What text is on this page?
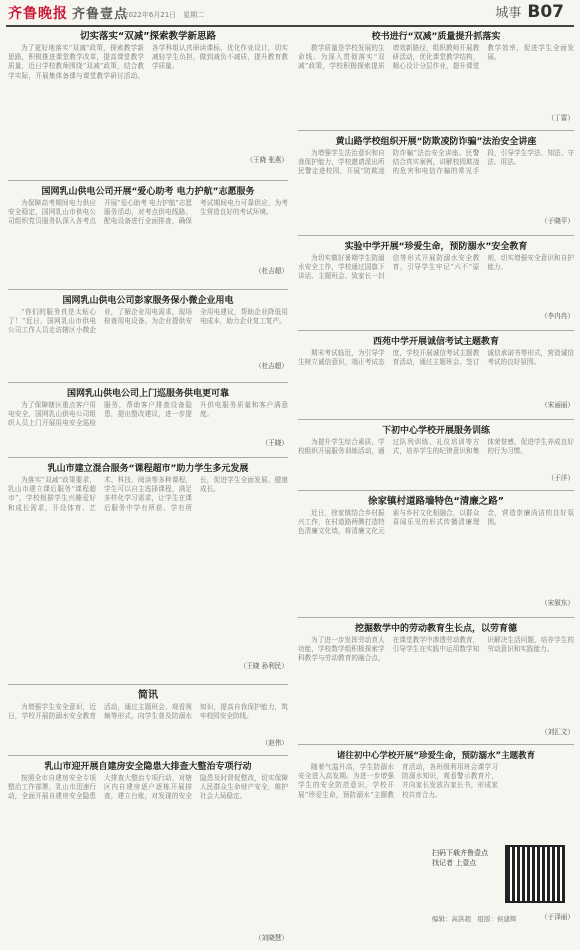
齐鲁晚报 齐鲁壹点
2022年6月21日　星期二	城事 B07
切实落实“双减”探索教学新思路

为了更好地落实“双减”政策，探索教学新思路，积极推进课堂教学改革，提高课堂教学质量，近日学校教师围绕“双减”政策，结合教学实际，开展集体备课与课堂教学研讨活动。各学科组认真研读课标，优化作业设计，切实减轻学生负担，做到减负不减质，提升教育教学质量。

（王晓 张燕）
国网乳山供电公司开展“爱心助考 电力护航”志愿服务

为保障高考期间电力供应安全稳定，国网乳山市供电公司组织党员服务队深入各考点开展“爱心助考 电力护航”志愿服务活动，对考点供电线路、配电设备进行全面排查，确保考试期间电力可靠供应，为考生营造良好的考试环境。

（杜吉超）
国网乳山供电公司彭家服务保小微企业用电

“你们的服务真是太贴心了！”近日，国网乳山市供电公司工作人员走访辖区小微企业，了解企业用电需求，现场检查用电设备，为企业提供安全用电建议，帮助企业降低用电成本，助力企业复工复产。

（杜吉超）
国网乳山供电公司上门巡服务供电更可靠

为了保障辖区重点客户用电安全，国网乳山供电公司组织人员上门开展用电安全巡检服务，帮助客户排查设备隐患，提出整改建议，进一步提升供电服务质量和客户满意度。

（王晓）
乳山市建立混合服务“课程超市”助力学生多元发展

为落实“双减”政策要求，乳山市建立课后服务“课程超市”，学校根据学生兴趣爱好和成长需求，开设体育、艺术、科技、阅读等多种课程，学生可以自主选择课程，满足多样化学习需求，让学生在课后服务中学有所获、学有所长，促进学生全面发展、健康成长。

（王晓 孙利民）
简讯

为增强学生安全意识，近日，学校开展防溺水安全教育活动，通过主题班会、观看视频等形式，向学生普及防溺水知识，提高自我保护能力，筑牢校园安全防线。

（赵伟）
乳山市迎开展自建房安全隐患大排查大整治专项行动

按照全市自建房安全专项整治工作部署，乳山市迅速行动，全面开展自建房安全隐患大排查大整治专项行动，对辖区内自建房逐户逐栋开展排查，建立台账，对发现的安全隐患及时督促整改，切实保障人民群众生命财产安全，维护社会大局稳定。

（刘晓慧）
校书进行“双减”质量提升抓落实

教学质量是学校发展的生命线。为深入贯彻落实“双减”政策，学校积极探索提质增效新路径，组织教师开展教研活动，优化课堂教学结构，精心设计分层作业，提升课堂教学效率，促进学生全面发展。

（丁雷）
黄山路学校组织开展“防欺凌防诈骗”法治安全讲座

为增强学生法治意识和自我保护能力，学校邀请派出所民警走进校园，开展“防欺凌防诈骗”法治安全讲座。民警结合真实案例，讲解校园欺凌的危害和电信诈骗的常见手段，引导学生学法、知法、守法、用法。

（于晓平）
实验中学开展“珍爱生命，预防溺水”安全教育

为切实做好暑期学生防溺水安全工作，学校通过国旗下讲话、主题班会、致家长一封信等形式开展防溺水安全教育，引导学生牢记“六不”原则，切实增强安全意识和自护能力。

（李冉冉）
西苑中学开展诚信考试主题教育

期末考试临近，为引导学生树立诚信意识，端正考试态度，学校开展诚信考试主题教育活动，通过主题班会、签订诚信承诺书等形式，营造诚信考试的良好氛围。

（宋丽丽）
下初中心学校开展服务训练

为提升学生综合素质，学校组织开展服务训练活动，通过队列训练、礼仪培训等方式，培养学生的纪律意识和集体荣誉感，促进学生养成良好的行为习惯。

（于洋）
徐家镇村道路墙特色“清廉之路”

近日，徐家镇结合乡村振兴工作，在村道路两侧打造特色清廉文化墙，将清廉文化元素与乡村文化相融合，以群众喜闻乐见的形式传播清廉理念，营造崇廉尚洁的良好氛围。

（宋叙东）
挖掘数学中的劳动教育生长点，以劳育德

为了进一步发挥劳动育人功能，学校数学组积极探索学科教学与劳动教育的融合点，在课堂教学中渗透劳动教育，引导学生在实践中运用数学知识解决生活问题，培养学生的劳动意识和实践能力。

（刘汇文）
诸往初中心学校开展“珍爱生命，预防溺水”主题教育

随着气温升高，学生防溺水安全进入高发期。为进一步增强学生的安全防范意识，学校开展“珍爱生命，预防溺水”主题教育活动，各班级利用班会课学习防溺水知识，观看警示教育片，并向家长发放告家长书，形成家校共育合力。

（于泽丽）
扫码下载齐鲁壹点
找记者 上壹点
编辑：高洪超　组版：侯建辉
